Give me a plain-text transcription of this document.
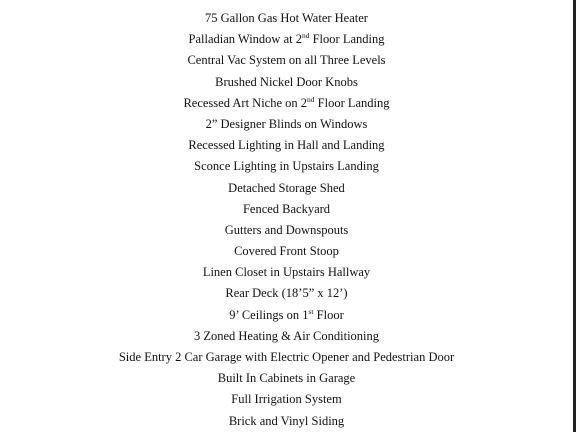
75 Gallon Gas Hot Water Heater
Palladian Window at 2nd Floor Landing
Central Vac System on all Three Levels
Brushed Nickel Door Knobs
Recessed Art Niche on 2nd Floor Landing
2” Designer Blinds on Windows
Recessed Lighting in Hall and Landing
Sconce Lighting in Upstairs Landing
Detached Storage Shed
Fenced Backyard
Gutters and Downspouts
Covered Front Stoop
Linen Closet in Upstairs Hallway
Rear Deck (18’5” x 12’)
9’ Ceilings on 1st Floor
3 Zoned Heating & Air Conditioning
Side Entry 2 Car Garage with Electric Opener and Pedestrian Door
Built In Cabinets in Garage
Full Irrigation System
Brick and Vinyl Siding
